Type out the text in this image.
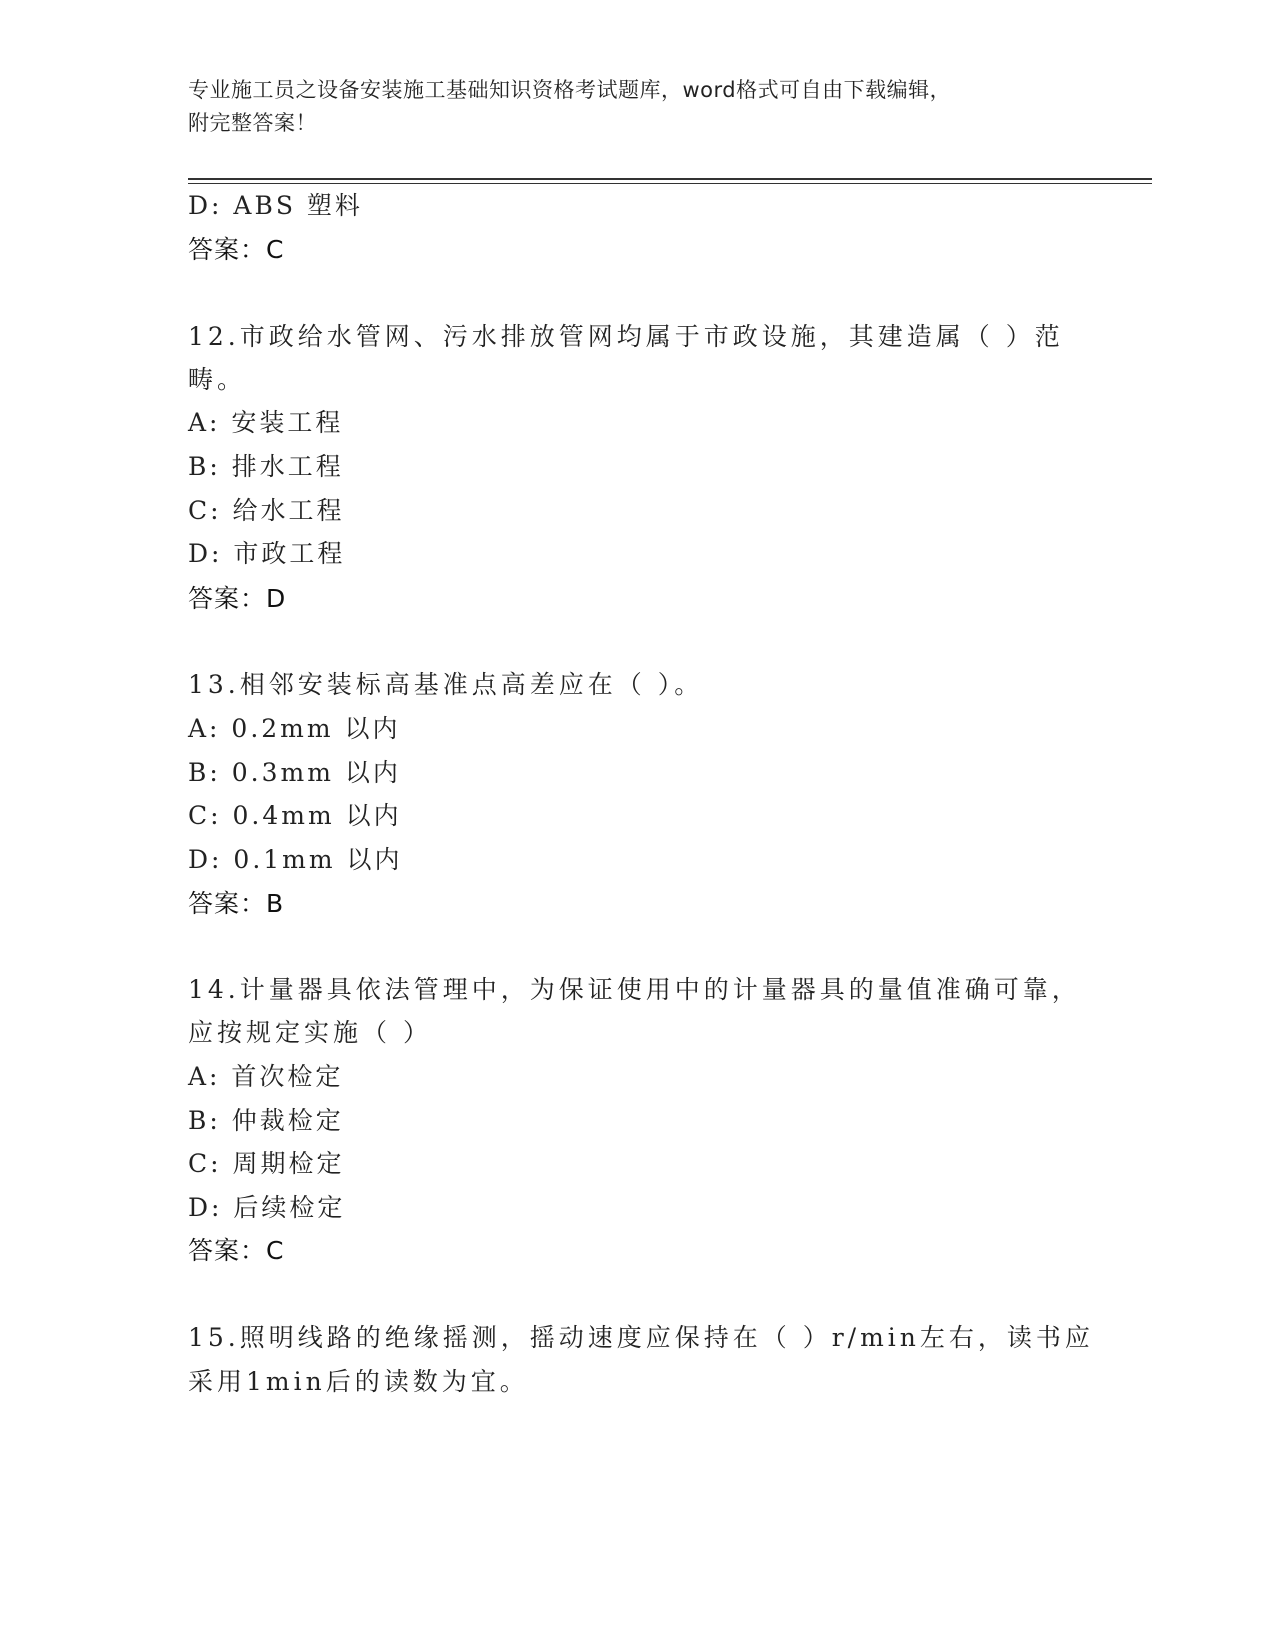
专业施工员之设备安装施工基础知识资格考试题库，word格式可自由下载编辑，
附完整答案！
D: ABS 塑料
答案：C
12.市政给水管网、污水排放管网均属于市政设施，其建造属（ ）范
畴。
A: 安装工程
B: 排水工程
C: 给水工程
D: 市政工程
答案：D
13.相邻安装标高基准点高差应在（ ）。
A: 0.2mm 以内
B: 0.3mm 以内
C: 0.4mm 以内
D: 0.1mm 以内
答案：B
14.计量器具依法管理中，为保证使用中的计量器具的量值准确可靠，
应按规定实施（ ）
A: 首次检定
B: 仲裁检定
C: 周期检定
D: 后续检定
答案：C
15.照明线路的绝缘摇测，摇动速度应保持在（ ）r/min左右，读书应
采用1min后的读数为宜。
